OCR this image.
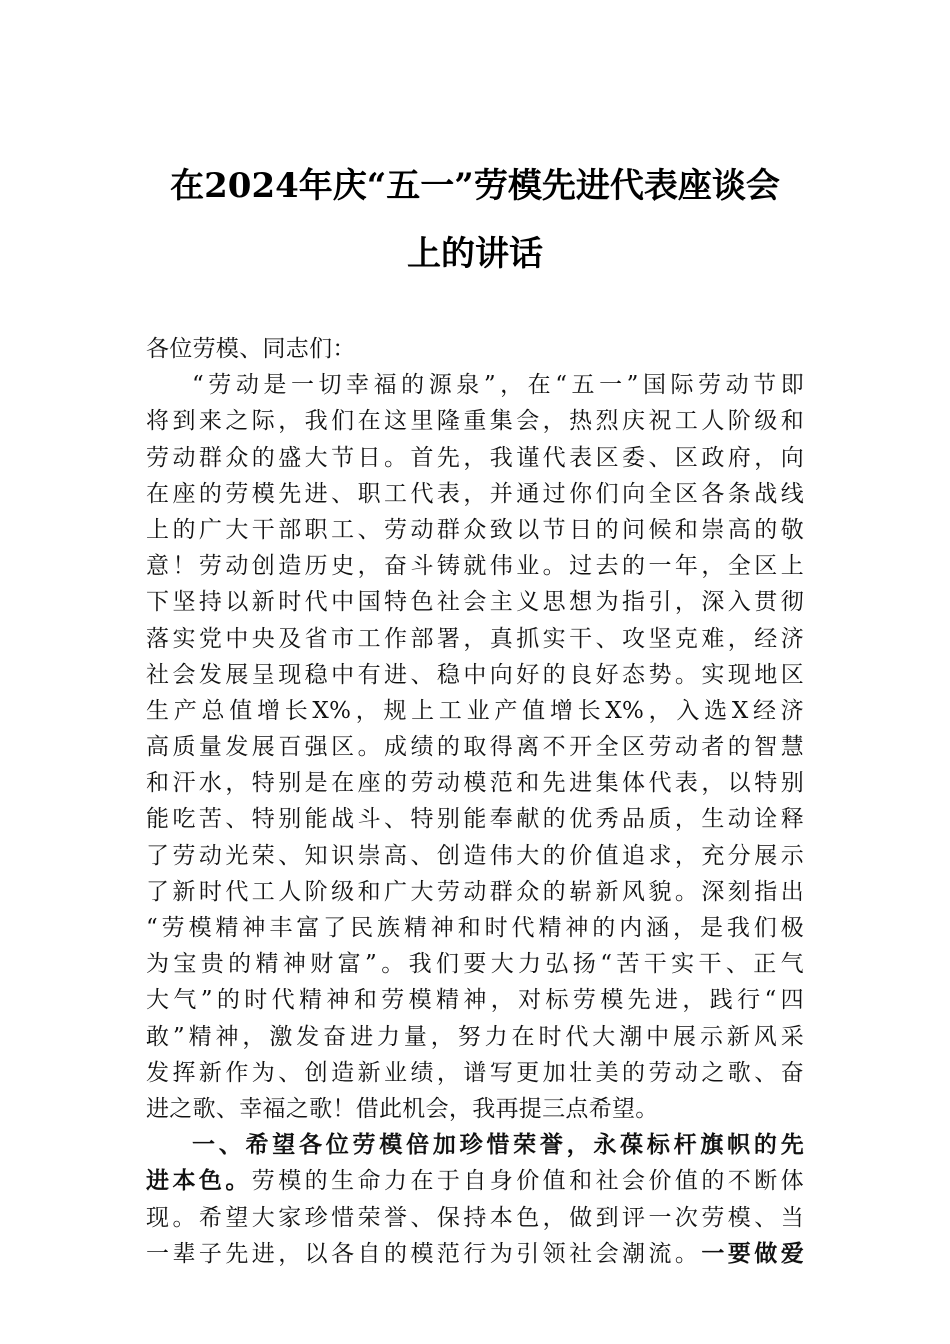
在2024年庆“五一”劳模先进代表座谈会
上的讲话
各位劳模、同志们：
“劳动是一切幸福的源泉”，在“五一”国际劳动节即
将到来之际，我们在这里隆重集会，热烈庆祝工人阶级和
劳动群众的盛大节日。首先，我谨代表区委、区政府，向
在座的劳模先进、职工代表，并通过你们向全区各条战线
上的广大干部职工、劳动群众致以节日的问候和崇高的敬
意！劳动创造历史，奋斗铸就伟业。过去的一年，全区上
下坚持以新时代中国特色社会主义思想为指引，深入贯彻
落实党中央及省市工作部署，真抓实干、攻坚克难，经济
社会发展呈现稳中有进、稳中向好的良好态势。实现地区
生产总值增长X%，规上工业产值增长X%，入选X经济
高质量发展百强区。成绩的取得离不开全区劳动者的智慧
和汗水，特别是在座的劳动模范和先进集体代表，以特别
能吃苦、特别能战斗、特别能奉献的优秀品质，生动诠释
了劳动光荣、知识崇高、创造伟大的价值追求，充分展示
了新时代工人阶级和广大劳动群众的崭新风貌。深刻指出
“劳模精神丰富了民族精神和时代精神的内涵，是我们极
为宝贵的精神财富”。我们要大力弘扬“苦干实干、正气
大气”的时代精神和劳模精神，对标劳模先进，践行“四
敢”精神，激发奋进力量，努力在时代大潮中展示新风采
发挥新作为、创造新业绩，谱写更加壮美的劳动之歌、奋
进之歌、幸福之歌！借此机会，我再提三点希望。
一、希望各位劳模倍加珍惜荣誉，永葆标杆旗帜的先
进本色。劳模的生命力在于自身价值和社会价值的不断体
现。希望大家珍惜荣誉、保持本色，做到评一次劳模、当
一辈子先进，以各自的模范行为引领社会潮流。一要做爱
